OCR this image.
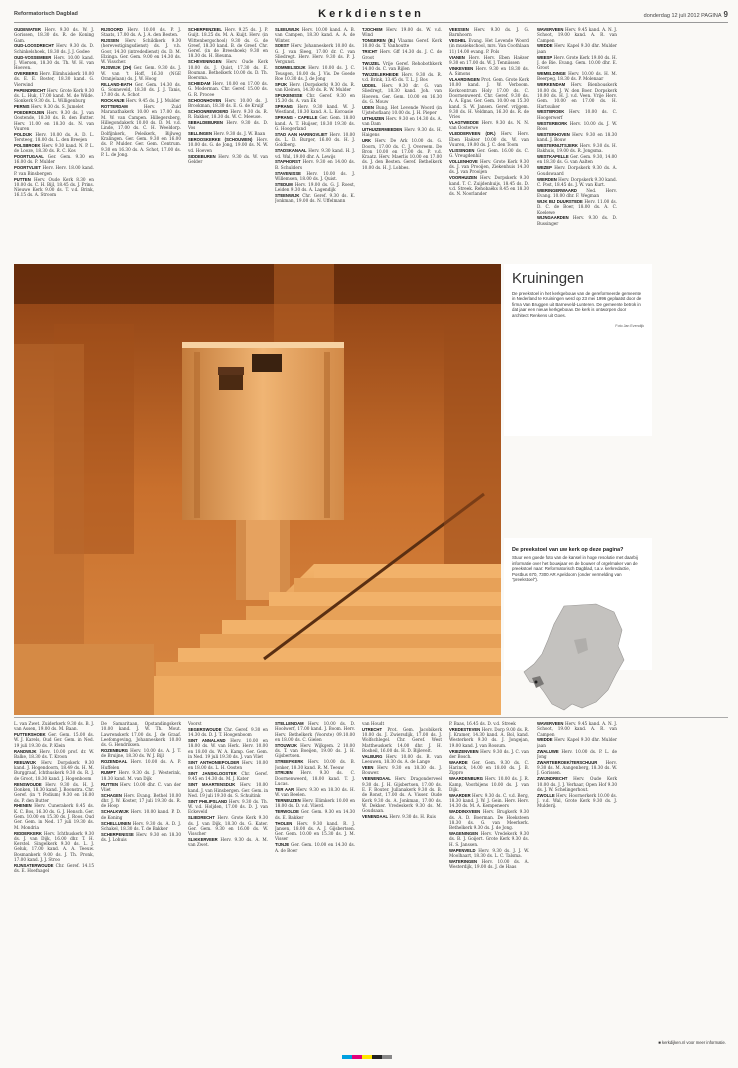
Reformatorisch Dagblad	Kerkdiensten	donderdag 12 juli 2012 PAGINA 9

OUDEWATER Herv. 9.30 ds. W. J. Gorissen, 18.30 ds. R. de Koning Gam.

OUD-LOOSDRECHT Herv. 9.30 ds. D. Schinkelshoek, 18.30 ds. J. J. Godee

OUD-VOSSEMEER Herv. 10.00 kand. J. Wiersen, 18.30 ds. Th. W. H. van Hoeven.

OVERBERG Herv. Elimhuiskerk 10.00 ds. E. E. Boster, 18.30 kand. G. Vierwind

PAPENDRECHT Herv. Grote Kerk 9.30 ds. L. Huk, 17.00 kand. M. de Wilde. Sionkerk 9.30 ds. L. Willigenburg

PERNIS Herv. 9.30 ds. S. Jumelet

POEDEROIJEN Herv. 9.30 ds. J. van Oostende, 18.30 ds. B. den Butter. Herv. 11.00 en 18.30 ds. N. van Vuuren

POLDIJK Herv. 10.00 ds. A. D. L. Tersteeg, 18.00 ds. L. den Breejen

POLSBROEK Herv. 9.30 kand. N. P. L. de Looze, 18.30 ds. R. C. Kos

POORTUGAAL Ger. Gem. 9.30 en 16.00 ds. P. Mulder

POORTVLIET Herv. Herv. 18.00 kand. P. van Binsbergen

PUTTEN Herv. Oude Kerk 8.30 en 10.00 ds. C. H. Bijl, 18.45 ds. J. Prins. Nieuwe Kerk 9.00 ds. T. v.d. Brink, 16.15 ds. A. Stroom

RIJSOORD Herv. 10.00 ds. P. J. Staats, 17.00 ds. A. J. A. den Besten.

RIJSSEN Herv. Schildkerk 9.30 (herevestigingsdienst) ds. J. v.h. Goor, 14.30 (intrededienst) ds. D. M. Elzinga. Ger. Gem. 9.00 en 14.30 ds. W. Visscher.

RIJSWIJK (ZH) Ger. Gem. 9.30 ds. J. W. van 't Hoff, 16.30 (NGE Oranjelaan) ds. J. W. Hoog

RILLAND-BATH Ger. Gem. 14.30 ds. G. Sonneveld, 18.30 ds. J. J. Tanis, 17.00 ds. A. Schot

ROCKANJE Herv. 9.45 ds. J. J. Mulder

ROTTERDAM	Herv. Zuid Maranathakerk 10.00 en 17.00 ds. M. W. van Campen. Hillegersberg, Hillegondakerk 10.00 ds. D. M. v.d. Linde, 17.00 ds. C. H. Weeldorp. Dolfijnkerk, Peleikerk, Bijlweg Kralingen. Ger. Gem. 9.30 en 16.00 ds. P. Mulder. Ger. Gem. Centrum. 9.30 en 16.30 ds. A. Schot, 17.00 ds. P. L. de Jong.

SCHERPENZEEL Herv. 9.25 ds. J. P. Guijt. 18.25 ds. M. A. Kuijt. Herv. (in Wittenbergschool) 9.30 ds. G. de Greef, 18.30 kand. B. de Greef. Chr. Geref. (in de Breeshoek) 9.30 en 18.30 ds. H. Bieuma.

SCHEVENINGEN Herv. Oude Kerk 10.00 ds. J. Quist, 17.30 ds. E. Bouman. Bethelkerk 10.00 ds. D. Th. Boersma.

SCHIEDAM Herv. 10.00 en 17.00 ds. G. Moderman. Chr. Geref. 15.00 ds. G. R. Procee

SCHOONHOVEN Herv. 10.00 ds. J. Brookman, 18.30 ds. E. G. de Kruijf

SCHOONREWOERD Herv. 9.30 ds. R. R. Bakker, 18.30 ds. W. C. Meeuse.

SEBALDEBUREN Herv. 9.30 ds. D. Vos

SELLINGEN Herv. 9.30 ds. J. W. Baan

SEROOSKERKE (SCHOUWEN) Herv. 10.00 ds. G. de Jong, 19.00 ds. N. W. vd. Hoeven

SIDDEBUREN Herv. 9.30 ds. W. van Gelder

SLEEUWIJK Herv. 10.00 kand. A. B. van Campen, 18.30 kand. A. A. de Winter.

SOEST Herv. Johanneskerk 10.00 ds. G. J. van Sleeg, 17.00 dr. C. van Sliedregt. Herv. Herv. 9.30 ds. P. J. Vergunst.

SOMMELSDIJK Herv. 10.00 ds. J. C. Teusgen, 18.00 ds. J. Vis. De Goede Roe 10.30 ds. J. de Jong

SPIJK Herv. (Dorpskerk) 9.30 ds. R. van Kleinen, 14.30 ds. R. W. Mulder

SPIJKENISSE Chr. Geref. 9.30 en 15.30 ds. A. van Ek

SPRANG Herv. 9.30 kand. W. J. Westland, 18.30 kand. A. L. Koroasie

SPRANG - CAPELLE Ger. Gem. 18.00 kand. A. T. Huijser, 18.30 19.30 ds. G. Hoogerland

STAD AAN HARINGVLIET Herv. 10.00 ds. L. D. Burger, 16.00 ds. H. J. Goldberg.

STADSKANAAL Herv. 9.30 kand. H. J. vd. Wal, 19.00 dhr. A. Lewijs

STAPHORST Herv. 9.30 en 14.00 ds. B. Schulders

STAVENISSE Herv. 10.00 ds. J. Willemsen, 18.00 ds. J. Quist.

STEDUM Herv. 19.00 ds. G. J. Roest, Leiden 9.30 ds. A. Lagendijk

STEENWIJK Chr. Geref. 9.30 ds. K. Jonkman, 19.00 ds. N. Uffelmann

TJOCHEM Herv. 19.00 ds. W. v.d. Wind

TONGEREN (B.) Vlaams Geref. Kerk 10.00 ds. T. Vanhoutte

TRICHT Herv. Gff 14.30 ds. J. C. de Groot

TWIJZEL Vrije Geref. Rehobothkerk 14.00 ds. C. van Rijlen

TWIJZELERHEIDE Herv. 9.30 ds. R. v.d. Brink, 13.45 ds. T. L. J. Bos

UDDEL Herv. 9.30 dr. G. van Sliedregt, 18.30 kand. Joh. van Hoeven. Ger. Gem. 10.00 en 16.30 ds. G. Mouw

UDEN Bung. Het Levende Woord (in Ujstehoflaan) 10.00 ds. J. H. Pieper

UITHUIZEN Herv. 9.30 en 14.30 ds. A. van Dam

UITHUIZERMEEDEN Herv. 9.30 ds. H. Haigens

URK Herv. De Ark 10.00 ds. G. Doorn, 17.00 ds. C. J. Overeem. De Bron 10.00 en 17.00 ds. P. v.d. Kraatz. Herv. Maerlis 10.00 en 17.00 ds. J. den Besten. Geref. Bethelkerk 10.00 ds. H. J. Lobbes.

VEESSEN Herv. 9.30 ds. J. G. Barnhoorn

VEGHEL Evang. Het Levende Woord (in musiekschool, mrs. Van Coothlaan 11) 14.00 evang. P. Pols

VIANEN Herv. Herv. Eben Haëzer 9.30 en 17.00 ds. W. J. Tenniissen

VINKEVEEN Herv. 9.30 en 18.30 ds. A. Simons

VLAARDINGEN Prot. Gem. Grote Kerk 10.00 kand. J. W. Verboom. Kerkcentrum Holy 17.00 ds. C. Doornenweerd. Chr. Geref. 9.30 ds. A. A. Egas. Ger. Gem. 10.00 en 15.30 kand. S. W. Jansen. Geref. vrijgem. 9.30 ds. H. Veldman, 16.30 ds. R. de Vries

VLAGTWEDDE Herv. 9.30 ds. N. N. van Oosterwe

VLEDDERVEEN (DR.) Herv. Herv. Eben Haëzer 10.00 ds. W. van Vuuren, 19.00 ds. J. C. den Toom

VLISSINGEN Ger. Gem. 16.00 ds. C. G. Vreugdenhil

VOLLENHOVE Herv. Grote Kerk 9.30 ds. J. van Prooijen, Ziekenhuis 14.30 ds. J. van Prooijen

VOORHUIZEN Herv. Dorpskerk 9.30 kand. T. C. Zuijdenhuijs, 18.45 ds. D. v.d. Streek. Rehobaëks 8.45 en 18.30 ds. N. Noorlander

WAVERVEEN Herv. 9.45 kand. A. N. J. Schoot, 19.00 kand. A. R. van Campen

WEDDE Herv. Kapel 9.30 dhr. Mulder jaan

WEESP Herv. Grote Kerk 19.00 ds. H. J. de Bie. Evang. Gem. 10.00 dhr. E. Groot

WEMELDINGE Herv. 10.00 ds. H. M. Beerpeg, 18.30 ds. P. Molenaar

WERKENDAM Herv. Bienbouskerk 10.00 ds. J. W. den Boer. Dorpskerk 10.00 ds. H. J. v.d. Veen. Vrije Herv. Gem. 10.00 en 17.00 ds. H. Hartsuiker

WESTBROEK Herv. 10.00 ds. C. Hoogerwerf

WESTERBORK Herv. 10.00 ds. J. W. Roos

WESTERHOVEN Herv. 9.30 en 18.30 kand. J. Bouw

WESTERNIJTSJERK Herv. 9.30 ds. H. Bakhuis, 19.00 ds. R. Jongsma.

WESTKAPELLE Ger. Gem. 9.30, 14.00 en 18.30 ds. G. van Aalten

WEZEP Herv. Dorpskerk 9.30 ds. A. Goudswaard

WIERDEN Herv. Dorpskerk 9.30 kand. C. Post, 18.45 ds. J. W. van Kurt.

WIERINGERWAARD Ned. Herv. Evang. 10.00 dhr. F. Wegman

WIJK BIJ DUURSTEDE Herv. 11.00 ds. D. C. de Boer, 18.00 ds. A. C. Koelewe

WIJNGAARDEN Herv. 9.30 ds. D. Bussinger

Kruiningen
De preekstoel in het kerkgebouw van de gereformeerde gemeente in Nederland te Kruiningen werd op 23 mei 1996 geplaatst door de firma Van Bruggen uit Barneveld-Lunteren. De gemeente betrok in dat jaar een nieuw kerkgebouw. De kerk is ontworpen door architect Renkens uit Goes.
Foto Jan Evendijk
De preekstoel van uw kerk op deze pagina?
Stuur een goede foto van de kansel in hoge resolutie met daarbij informatie over het bouwjaar en de bouwer of orgelmaker van de preekstoel naar: Reformatorisch Dagblad, t.a.v. kerkredactie, Postbus 670, 7300 AR Apeldoorn (onder vermelding van "preekstoel").

L. van Zwet. Zuiderkerk 9.30 ds. B. J. van Assen, 19.00 ds. M. Baan.

PUTTERSHOEK Ger. Gem. 15.00 ds. W. J. Karels, Oud Ger. Gem. in Ned. 19 juli 19.30 ds. P. Klein

RANDWIJK Herv. 10.00 prof. dr. W. Balke, 18.30 ds. T. Kroon

REEUWIJK Herv. Dorpskerk 9.30 kand. J. Hogendoorn, 18.49 ds. H. M. Burggraaf, Ichthuskerk 9.30 ds. R. J. de Groot, 18.30 kand. J. Hogenboom

RENSWOUDE Herv. 9.30 ds. H. J. Donken, 18.30 kand. J. Boonstra. Chr. Geref. (in 't Podium) 9.30 en 16.00 ds. P. den Butter

RHENEN Herv. Cunerakerk 8.45 ds. K. C. Bos, 16.30 ds. G. J. Hensch. Ger. Gem. 10.00 en 15.30 ds. J. Roos. Oud Ger. Gem. in Ned. 17 juli 19.30 ds. M. Mondria

RIDDERKERK Herv. Ichthuskerk 9.30 ds. J. van Dijk, 16.00 dhr. T. H. Kerstel. Singelkerk 9.30 ds. L. J. Geluk, 17.00 kand. A. A. Teeuw. Bosmankerk 9.00 ds. J. Th. Pronk, 17.00 kand. J. J. Stroo

RIJNSATERWOUDE Chr. Geref. 14.15 ds. E. Hoefnagel

De Samaritaan, Opstandingskerk 10.00 kand. J. W. Th. Mout. Lawrenskerk 17.00 ds. J. de Graaf. Leefomgeving, Johanneskerk 10.00 ds. G. Hendriksen.

ROZENBURG Herv. 10.00 ds. A. J. T. de Bruijne, 18.30 ds. W. J. Bijl

ROZENDAAL Herv. 10.00 ds. A. P. Huffelen

RUMPT Herv. 9.30 ds. J. Westerink, 18.30 kand. M. van Dijk

RUTTEN Herv. 10.00 dhr. C. van der Vliet

SCHAGEN Herv. Evang. Bethel 10.00 dhr. J. W. Koster, 17 juli 19.30 ds. R. de Hoop

SCHALKWIJK Herv. 10.00 kand. P. D. de Koning

SCHELLUINEN Herv. 9.30 ds. A. D. J. Schakel, 18.30 ds. T. de Bakker

SCHERPENISSE Herv. 9.30 en 18.30 ds. J. Lohuis

Voorst

SEGERSWOUDE Chr. Geref. 9.30 en 14.30 ds. D. J. T. Hoogenboom

SINT ANNALAND Herv. 10.00 en 18.00 ds. W. van Herk. Herv. 10.00 en 18.00 ds. W. A. Kamp. Ger. Gem. in Ned. 19 juli 19.30 ds. J. van Vliet

SINT ANTHONIEPOLDER Herv. 10.00 en 18.00 ds. L. H. Oosten

SINT JANSKLOOSTER Chr. Geref. 9.45 en 14.30 ds. M. J. Kater

SINT MAARTENSDIJK Herv. 10.00 kand. J. van Hinsbergen. Ger. Gem. in Ned. 19 juli 19.30 ds. S. Schuitink

SINT PHILIPSLAND Herv. 9.30 ds. Th. W. v.d. Holjden, 17.00 ds. D. J. van Eckeveld

SLIEDRECHT Herv. Grote Kerk 9.30 ds. J. van Dijk, 18.30 ds. G. Kater. Ger. Gem. 9.30 en 16.00 ds. W. Visscher

SLIKKERVEER Herv. 9.30 ds. A. M. van Zwet.

STELLENDAM Herv. 10.00 ds. D. Hoolwerf, 17.00 kand. J. Boom. Herv. Herv. Bethelkerk (Voorste) 09.10.00 en 18.00 ds. C. Gielen

STOUWIJK Herv. Wijkgem. 2 10.00 ds. T. van Boeijen, 19.00 ds. J. H. Gijsbertsen.

STREEFKERK Herv. 10.00 ds. B. Jonker, 18.30 kand. R. M. Teeuw

STRIJEN Herv. 9.30 ds. C. Doornenweerd, 18.00 kand. T. J. Lucas.

TER AAR Herv. 9.30 en 18.30 ds. H. W. van Beelen.

TERNEUZEN Herv. Elimkerk 10.00 en 18.00 ds. D. v.d. Vlierd.

TERWOLDE Ger. Gem. 9.30 en 14.30 ds. E. Bakker

THOLEN Herv. 9.30 kand. R. J. Jansen, 18.00 ds. A. J. Gijsbertsen. Ger. Gem. 10.00 en 15.30 ds. J. M. Visser

TIJNJE Ger. Gem. 10.00 en 14.30 ds. A. de Boer

van Houdt

UTRECHT Prot. Gem. Jacobikerk 10.00 ds. J. Zwiersdijk, 17.00 ds. J. Wolfschlegel. Chr. Geref. West Mattheuskerk 14.00 dhr. J. H. Bosheil, 16.00 ds. H. D. Bijlevelt.

VALBURG Herv. 10.00 ds. R. van Leeuwen, 18.30 ds. A. de Lange

VEEN Herv. 9.30 en 18.30 ds. J. Bouwer.

VEENENDAAL Herv. Dragonderveel 9.30 ds. J. H. Gijsbertsen, 17.00 ds. E. F. Bouter. Jullanakerk 9.30 ds. B. de Ronst, 17.00 ds. A. Visser. Oude Kerk 9.30 ds. A. Jonkman, 17.00 ds. W. Dekker. Vredeskerk 9.30 ds. M. Goudsaan.

VENENDAAL Herv. 9.30 ds. H. Ruis

P. Baas, 16.45 ds. D. v.d. Streek

VREDESTEVEN Herv. Dorp 9.00 ds. R. J. Kramer, 14.30 kand. A. Bol, kand. Westerkerk 9.30 ds. J. Jongejan, 19.00 kand. J. van Rossum.

VRIEZENVEEN Herv. 9.30 ds. J. C. van der Bosch.

WAARDE Ger. Gem. 9.30 ds. C. Harinck, 14.00 en 18.00 ds. J. B. Zippro

WAARDENBURG Herv. 10.00 ds. J. R. Kamp, Voorbijens 10.00 ds. J. van Dijk.

WAARDER Herv. 9.30 ds. C. v.d. Berg, 18.30 kand. J. W. J. Gein. Herv. Herv. 14.30 ds. M. A. Kempeneers

WADDINXVEEN Herv. Brugkerk 9.30 ds. A. D. Boerman. De Hoeksteen 18.30 ds. G. van Meerkerk. Bethelkerk 9.30 ds. J. de Jong.

WAGENINGEN Herv. Vredekerk 9.30 ds. B. J. Goijert. Grote Kerk 9.30 ds. H. S. Janssen.

WAPENVELD Herv. 9.30 ds. J. J. W. Moolhaart, 18.30 ds. L. C. Talsma.

WATERINGEN Herv. 10.00 ds. A. Westerdijk, 19.00 ds. J. de Haas

WAVERVEEN Herv. 9.45 kand. A. N. J. Schoot, 19.00 kand. A. R. van Campen

WEDDE Herv. Kapel 9.30 dhr. Mulder jaan

ZWALUWE Herv. 10.00 ds. P. L. de Jong

ZWARTEBROEK/TERSCHUUR Herv. 9.30 ds. M. Aangenberg, 18.30 ds. W. J. Gorissen.

ZWIJNDRECHT Herv. Oude Kerk 10.00 ds. J. J. Verhaar, Open Hof 9.30 ds. J. W. Schelingerhout.

ZWOLLE Herv. Hoornerkerk 10.00 ds. J. v.d. Wal, Grote Kerk 9.30 ds. J. Mulderij.

■ kerkdijken.nl voor meer informatie.
